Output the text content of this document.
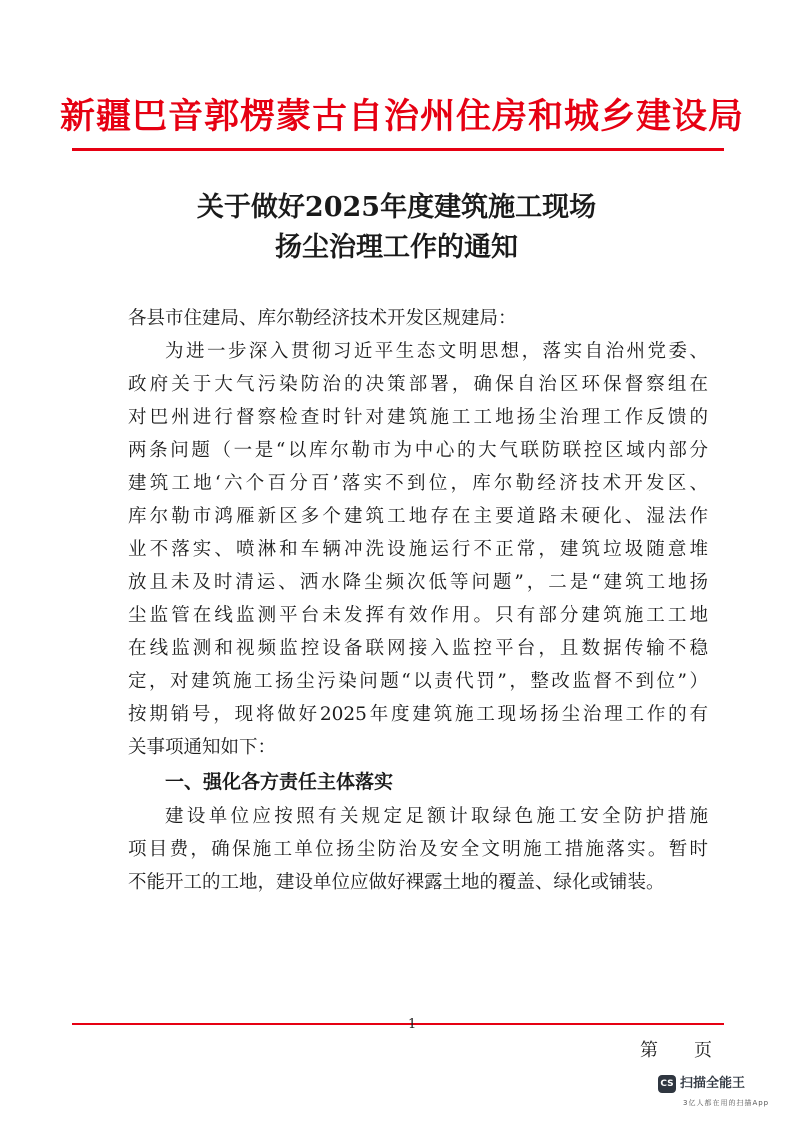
新疆巴音郭楞蒙古自治州住房和城乡建设局
关于做好2025年度建筑施工现场
扬尘治理工作的通知

各县市住建局、库尔勒经济技术开发区规建局：

为进一步深入贯彻习近平生态文明思想，落实自治州党委、

政府关于大气污染防治的决策部署，确保自治区环保督察组在

对巴州进行督察检查时针对建筑施工工地扬尘治理工作反馈的

两条问题（一是“以库尔勒市为中心的大气联防联控区域内部分

建筑工地‘六个百分百’落实不到位，库尔勒经济技术开发区、

库尔勒市鸿雁新区多个建筑工地存在主要道路未硬化、湿法作

业不落实、喷淋和车辆冲洗设施运行不正常，建筑垃圾随意堆

放且未及时清运、洒水降尘频次低等问题”，二是“建筑工地扬

尘监管在线监测平台未发挥有效作用。只有部分建筑施工工地

在线监测和视频监控设备联网接入监控平台，且数据传输不稳

定，对建筑施工扬尘污染问题“以责代罚”，整改监督不到位”）

按期销号，现将做好2025年度建筑施工现场扬尘治理工作的有

关事项通知如下：

一、强化各方责任主体落实

建设单位应按照有关规定足额计取绿色施工安全防护措施

项目费，确保施工单位扬尘防治及安全文明施工措施落实。暂时

不能开工的工地，建设单位应做好裸露土地的覆盖、绿化或铺装。

1
第 页
CS 扫描全能王
3亿人都在用的扫描App
